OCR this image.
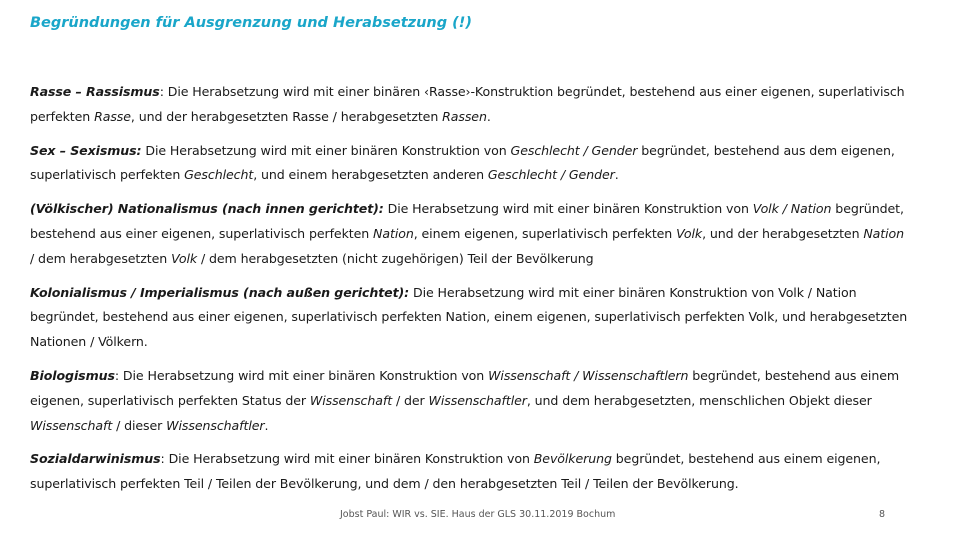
Begründungen für Ausgrenzung und Herabsetzung (!)
Rasse – Rassismus: Die Herabsetzung wird mit einer binären ‹Rasse›-Konstruktion begründet, bestehend aus einer eigenen, superlativisch perfekten Rasse, und der herabgesetzten Rasse / herabgesetzten Rassen.
Sex – Sexismus: Die Herabsetzung wird mit einer binären Konstruktion von Geschlecht / Gender begründet, bestehend aus dem eigenen, superlativisch perfekten Geschlecht, und einem herabgesetzten anderen Geschlecht / Gender.
(Völkischer) Nationalismus (nach innen gerichtet): Die Herabsetzung wird mit einer binären Konstruktion von Volk / Nation begründet, bestehend aus einer eigenen, superlativisch perfekten Nation, einem eigenen, superlativisch perfekten Volk, und der herabgesetzten Nation / dem herabgesetzten Volk / dem herabgesetzten (nicht zugehörigen) Teil der Bevölkerung
Kolonialismus / Imperialismus (nach außen gerichtet): Die Herabsetzung wird mit einer binären Konstruktion von Volk / Nation begründet, bestehend aus einer eigenen, superlativisch perfekten Nation, einem eigenen, superlativisch perfekten Volk, und herabgesetzten Nationen / Völkern.
Biologismus: Die Herabsetzung wird mit einer binären Konstruktion von Wissenschaft / Wissenschaftlern begründet, bestehend aus einem eigenen, superlativisch perfekten Status der Wissenschaft / der Wissenschaftler, und dem herabgesetzten, menschlichen Objekt dieser Wissenschaft / dieser Wissenschaftler.
Sozialdarwinismus: Die Herabsetzung wird mit einer binären Konstruktion von Bevölkerung begründet, bestehend aus einem eigenen, superlativisch perfekten Teil / Teilen der Bevölkerung, und dem / den herabgesetzten Teil / Teilen der Bevölkerung.
Jobst Paul: WIR vs. SIE. Haus der GLS 30.11.2019 Bochum	8
